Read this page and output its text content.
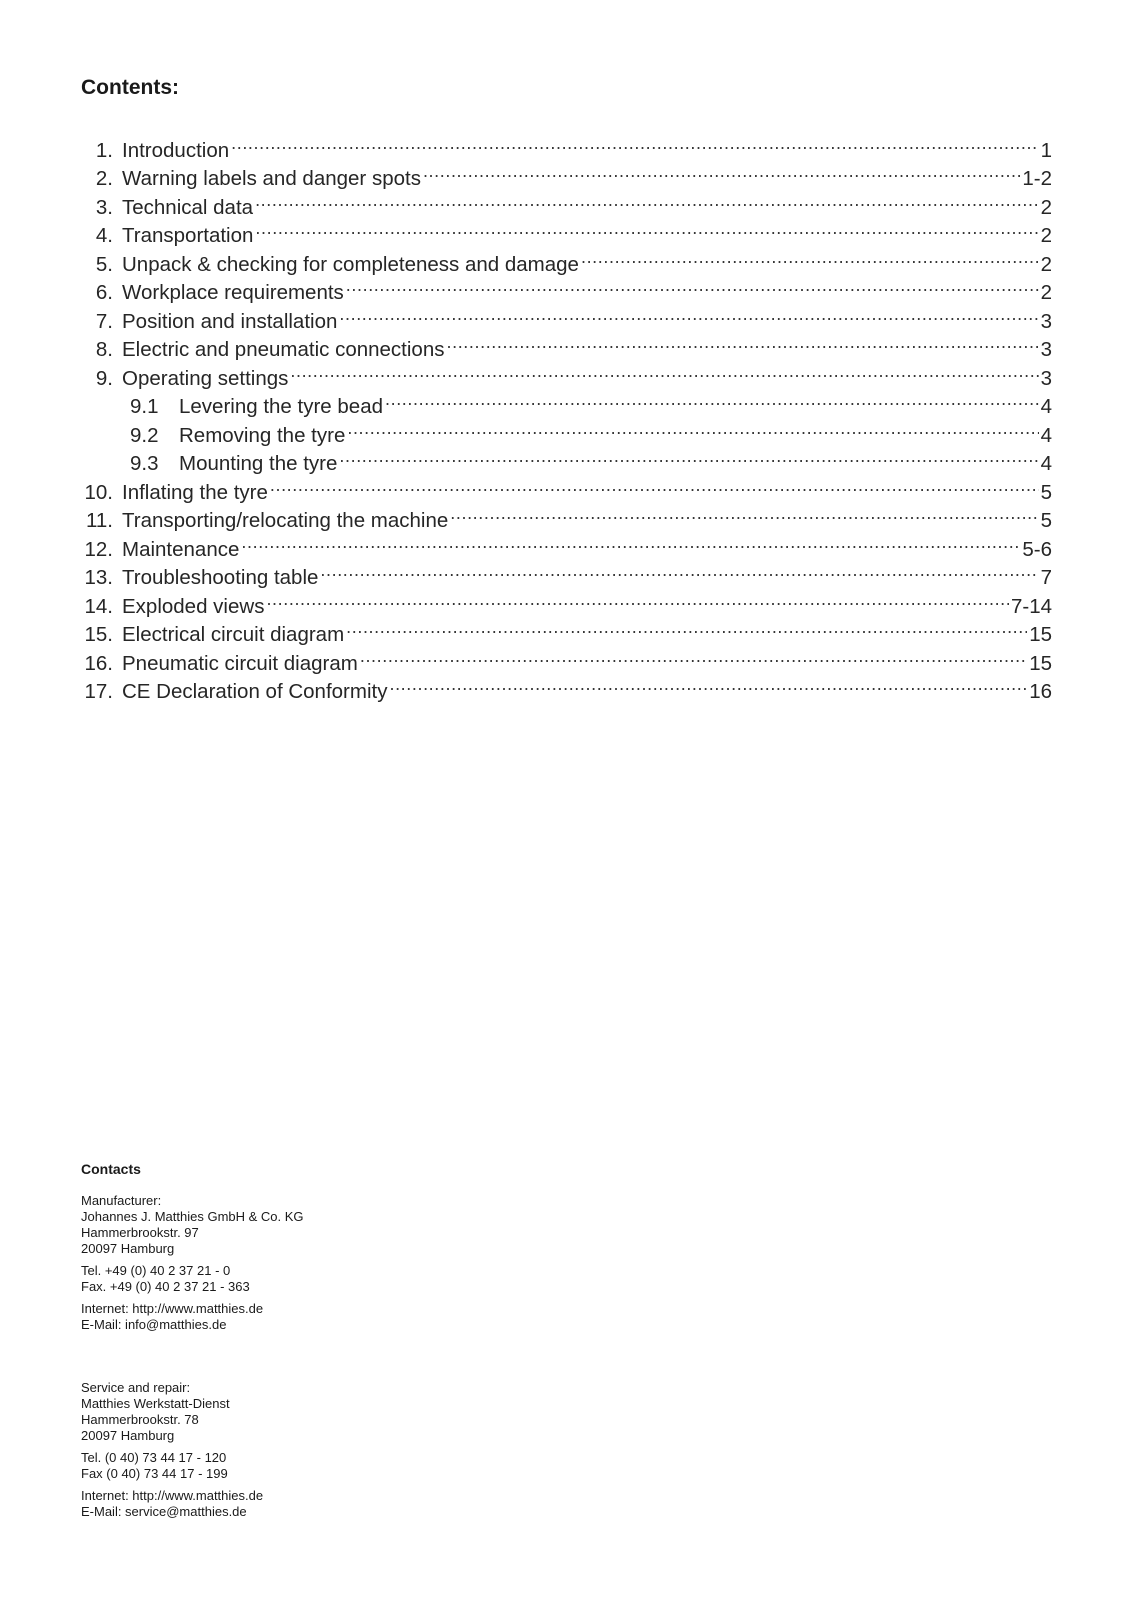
Contents:
1. Introduction .....	1
2. Warning labels and danger spots .....	1-2
3. Technical data .....	2
4. Transportation .....	2
5. Unpack & checking for completeness and damage .....	2
6. Workplace requirements .....	2
7. Position and installation .....	3
8. Electric and pneumatic connections .....	3
9. Operating settings .....	3
9.1	Levering the tyre bead .....	4
9.2	Removing the tyre .....	4
9.3	Mounting the tyre .....	4
10. Inflating the tyre .....	5
11. Transporting/relocating the machine .....	5
12. Maintenance .....	5-6
13. Troubleshooting table .....	7
14. Exploded views .....	7-14
15. Electrical circuit diagram .....	15
16. Pneumatic circuit diagram .....	15
17. CE Declaration of Conformity .....	16
Contacts
Manufacturer:
Johannes J. Matthies GmbH & Co. KG
Hammerbrookstr. 97
20097 Hamburg
Tel. +49 (0) 40 2 37 21 - 0
Fax. +49 (0) 40 2 37 21 - 363
Internet: http://www.matthies.de
E-Mail: info@matthies.de
Service and repair:
Matthies Werkstatt-Dienst
Hammerbrookstr. 78
20097 Hamburg
Tel. (0 40) 73 44 17 - 120
Fax (0 40) 73 44 17 - 199
Internet: http://www.matthies.de
E-Mail: service@matthies.de
